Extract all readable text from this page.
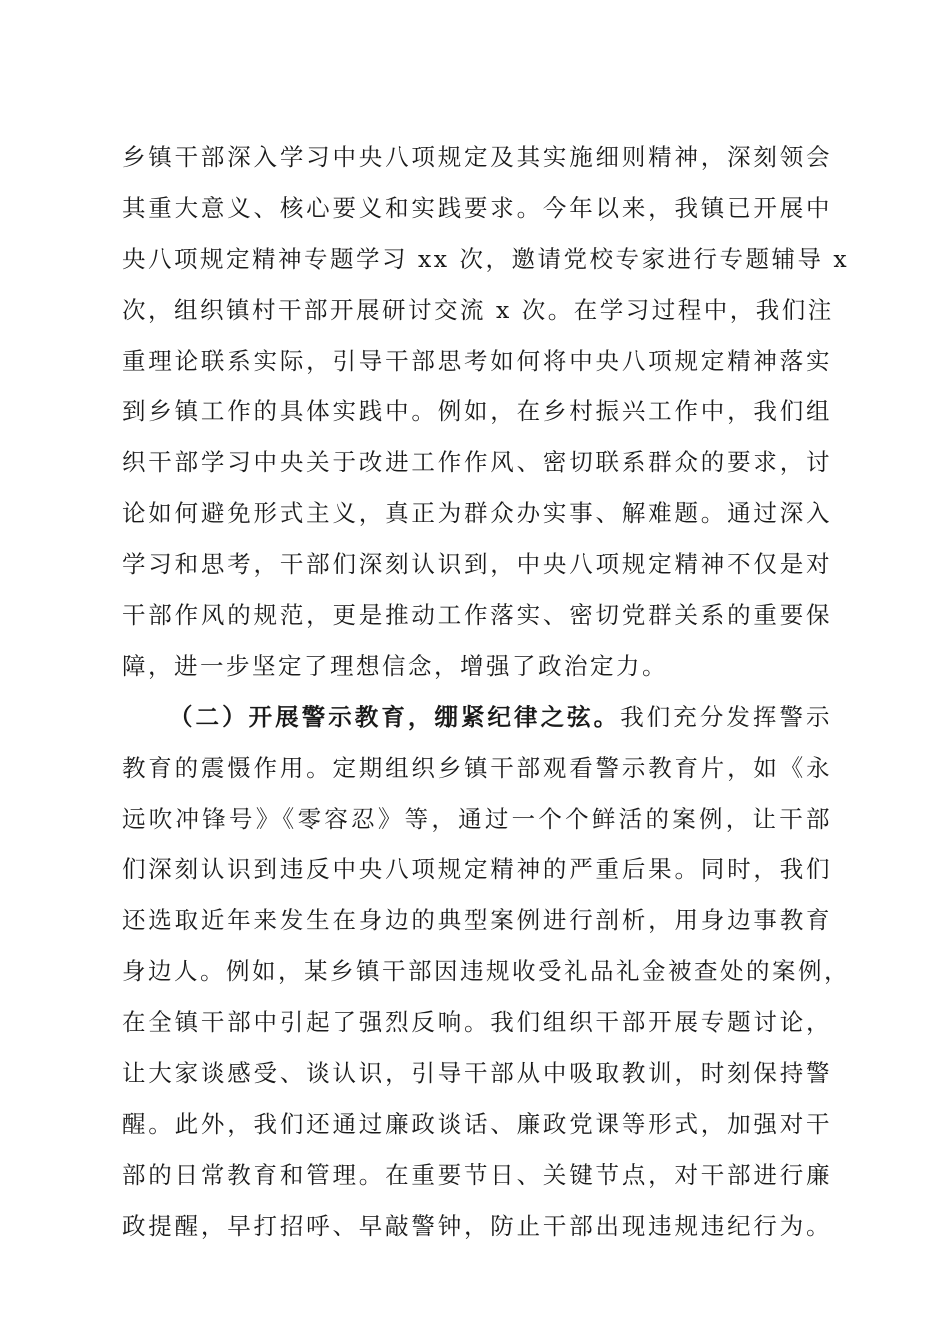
乡镇干部深入学习中央八项规定及其实施细则精神，深刻领会
其重大意义、核心要义和实践要求。今年以来，我镇已开展中
央八项规定精神专题学习 xx 次，邀请党校专家进行专题辅导 x
次，组织镇村干部开展研讨交流 x 次。在学习过程中，我们注
重理论联系实际，引导干部思考如何将中央八项规定精神落实
到乡镇工作的具体实践中。例如，在乡村振兴工作中，我们组
织干部学习中央关于改进工作作风、密切联系群众的要求，讨
论如何避免形式主义，真正为群众办实事、解难题。通过深入
学习和思考，干部们深刻认识到，中央八项规定精神不仅是对
干部作风的规范，更是推动工作落实、密切党群关系的重要保
障，进一步坚定了理想信念，增强了政治定力。
（二）开展警示教育，绷紧纪律之弦。我们充分发挥警示
教育的震慑作用。定期组织乡镇干部观看警示教育片，如《永
远吹冲锋号》《零容忍》等，通过一个个鲜活的案例，让干部
们深刻认识到违反中央八项规定精神的严重后果。同时，我们
还选取近年来发生在身边的典型案例进行剖析，用身边事教育
身边人。例如，某乡镇干部因违规收受礼品礼金被查处的案例，
在全镇干部中引起了强烈反响。我们组织干部开展专题讨论，
让大家谈感受、谈认识，引导干部从中吸取教训，时刻保持警
醒。此外，我们还通过廉政谈话、廉政党课等形式，加强对干
部的日常教育和管理。在重要节日、关键节点，对干部进行廉
政提醒，早打招呼、早敲警钟，防止干部出现违规违纪行为。
